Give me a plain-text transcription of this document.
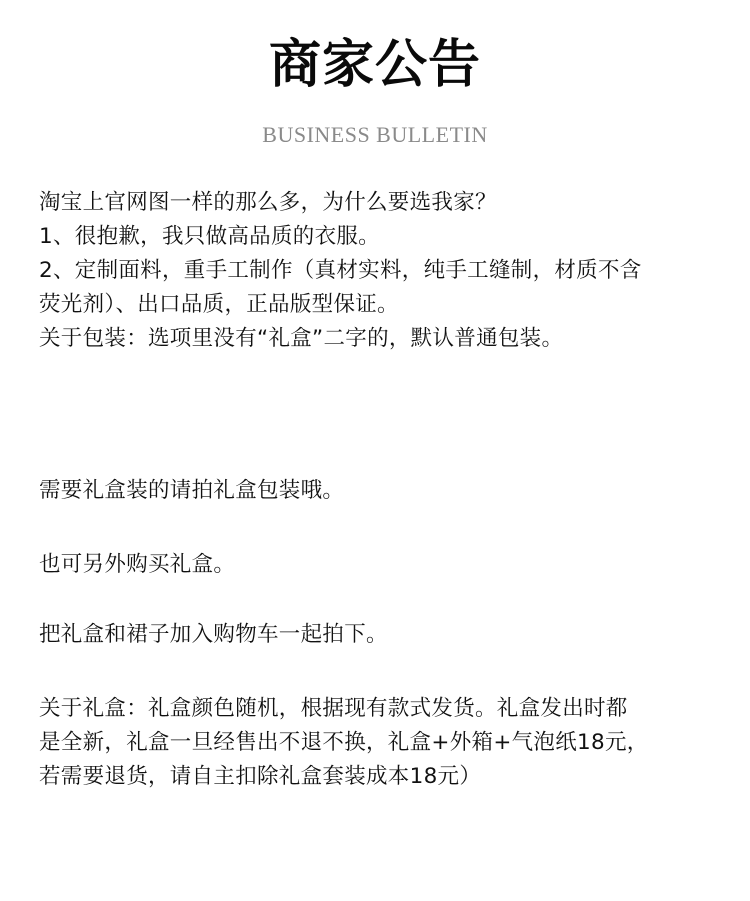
商家公告
BUSINESS BULLETIN

淘宝上官网图一样的那么多，为什么要选我家？

1、很抱歉，我只做高品质的衣服。

2、定制面料，重手工制作（真材实料，纯手工缝制，材质不含

荧光剂）、出口品质，正品版型保证。

关于包装：选项里没有“礼盒”二字的，默认普通包装。

需要礼盒装的请拍礼盒包装哦。

也可另外购买礼盒。

把礼盒和裙子加入购物车一起拍下。

关于礼盒：礼盒颜色随机，根据现有款式发货。礼盒发出时都

是全新，礼盒一旦经售出不退不换，礼盒+外箱+气泡纸18元，

若需要退货，请自主扣除礼盒套装成本18元）
